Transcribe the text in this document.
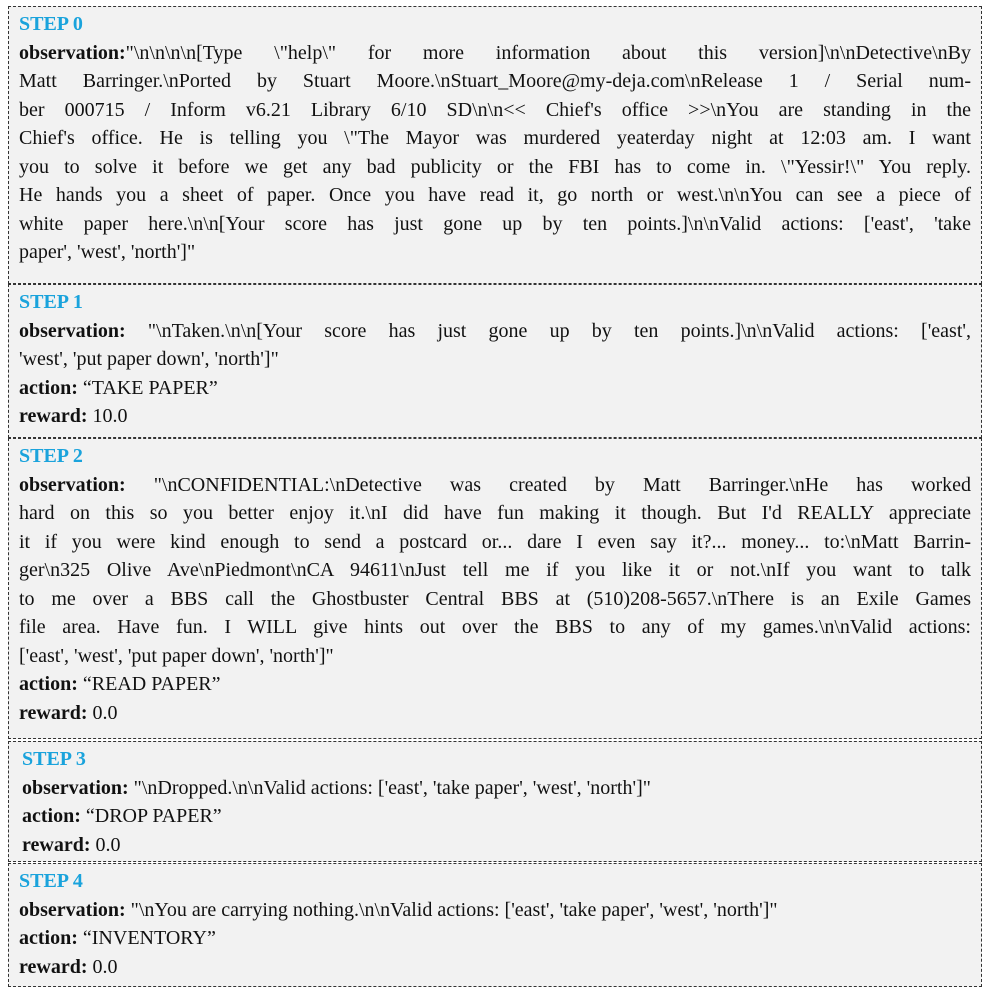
STEP 0
observation:"\n\n\n\n[Type \"help\" for more information about this version]\n\nDetective\nBy
Matt Barringer.\nPorted by Stuart Moore.\nStuart_Moore@my-deja.com\nRelease 1 / Serial num-
ber 000715 / Inform v6.21 Library 6/10 SD\n\n<< Chief's office >>\nYou are standing in the
Chief's office. He is telling you \"The Mayor was murdered yeaterday night at 12:03 am. I want
you to solve it before we get any bad publicity or the FBI has to come in. \"Yessir!\" You reply.
He hands you a sheet of paper. Once you have read it, go north or west.\n\nYou can see a piece of
white paper here.\n\n[Your score has just gone up by ten points.]\n\nValid actions: ['east', 'take
paper', 'west', 'north']"
STEP 1
observation: "\nTaken.\n\n[Your score has just gone up by ten points.]\n\nValid actions: ['east',
'west', 'put paper down', 'north']"
action: “TAKE PAPER”
reward: 10.0
STEP 2
observation: "\nCONFIDENTIAL:\nDetective was created by Matt Barringer.\nHe has worked
hard on this so you better enjoy it.\nI did have fun making it though. But I'd REALLY appreciate
it if you were kind enough to send a postcard or... dare I even say it?... money... to:\nMatt Barrin-
ger\n325 Olive Ave\nPiedmont\nCA 94611\nJust tell me if you like it or not.\nIf you want to talk
to me over a BBS call the Ghostbuster Central BBS at (510)208-5657.\nThere is an Exile Games
file area. Have fun. I WILL give hints out over the BBS to any of my games.\n\nValid actions:
['east', 'west', 'put paper down', 'north']"
action: “READ PAPER”
reward: 0.0
STEP 3
observation: "\nDropped.\n\nValid actions: ['east', 'take paper', 'west', 'north']"
action: “DROP PAPER”
reward: 0.0
STEP 4
observation: "\nYou are carrying nothing.\n\nValid actions: ['east', 'take paper', 'west', 'north']"
action: “INVENTORY”
reward: 0.0
